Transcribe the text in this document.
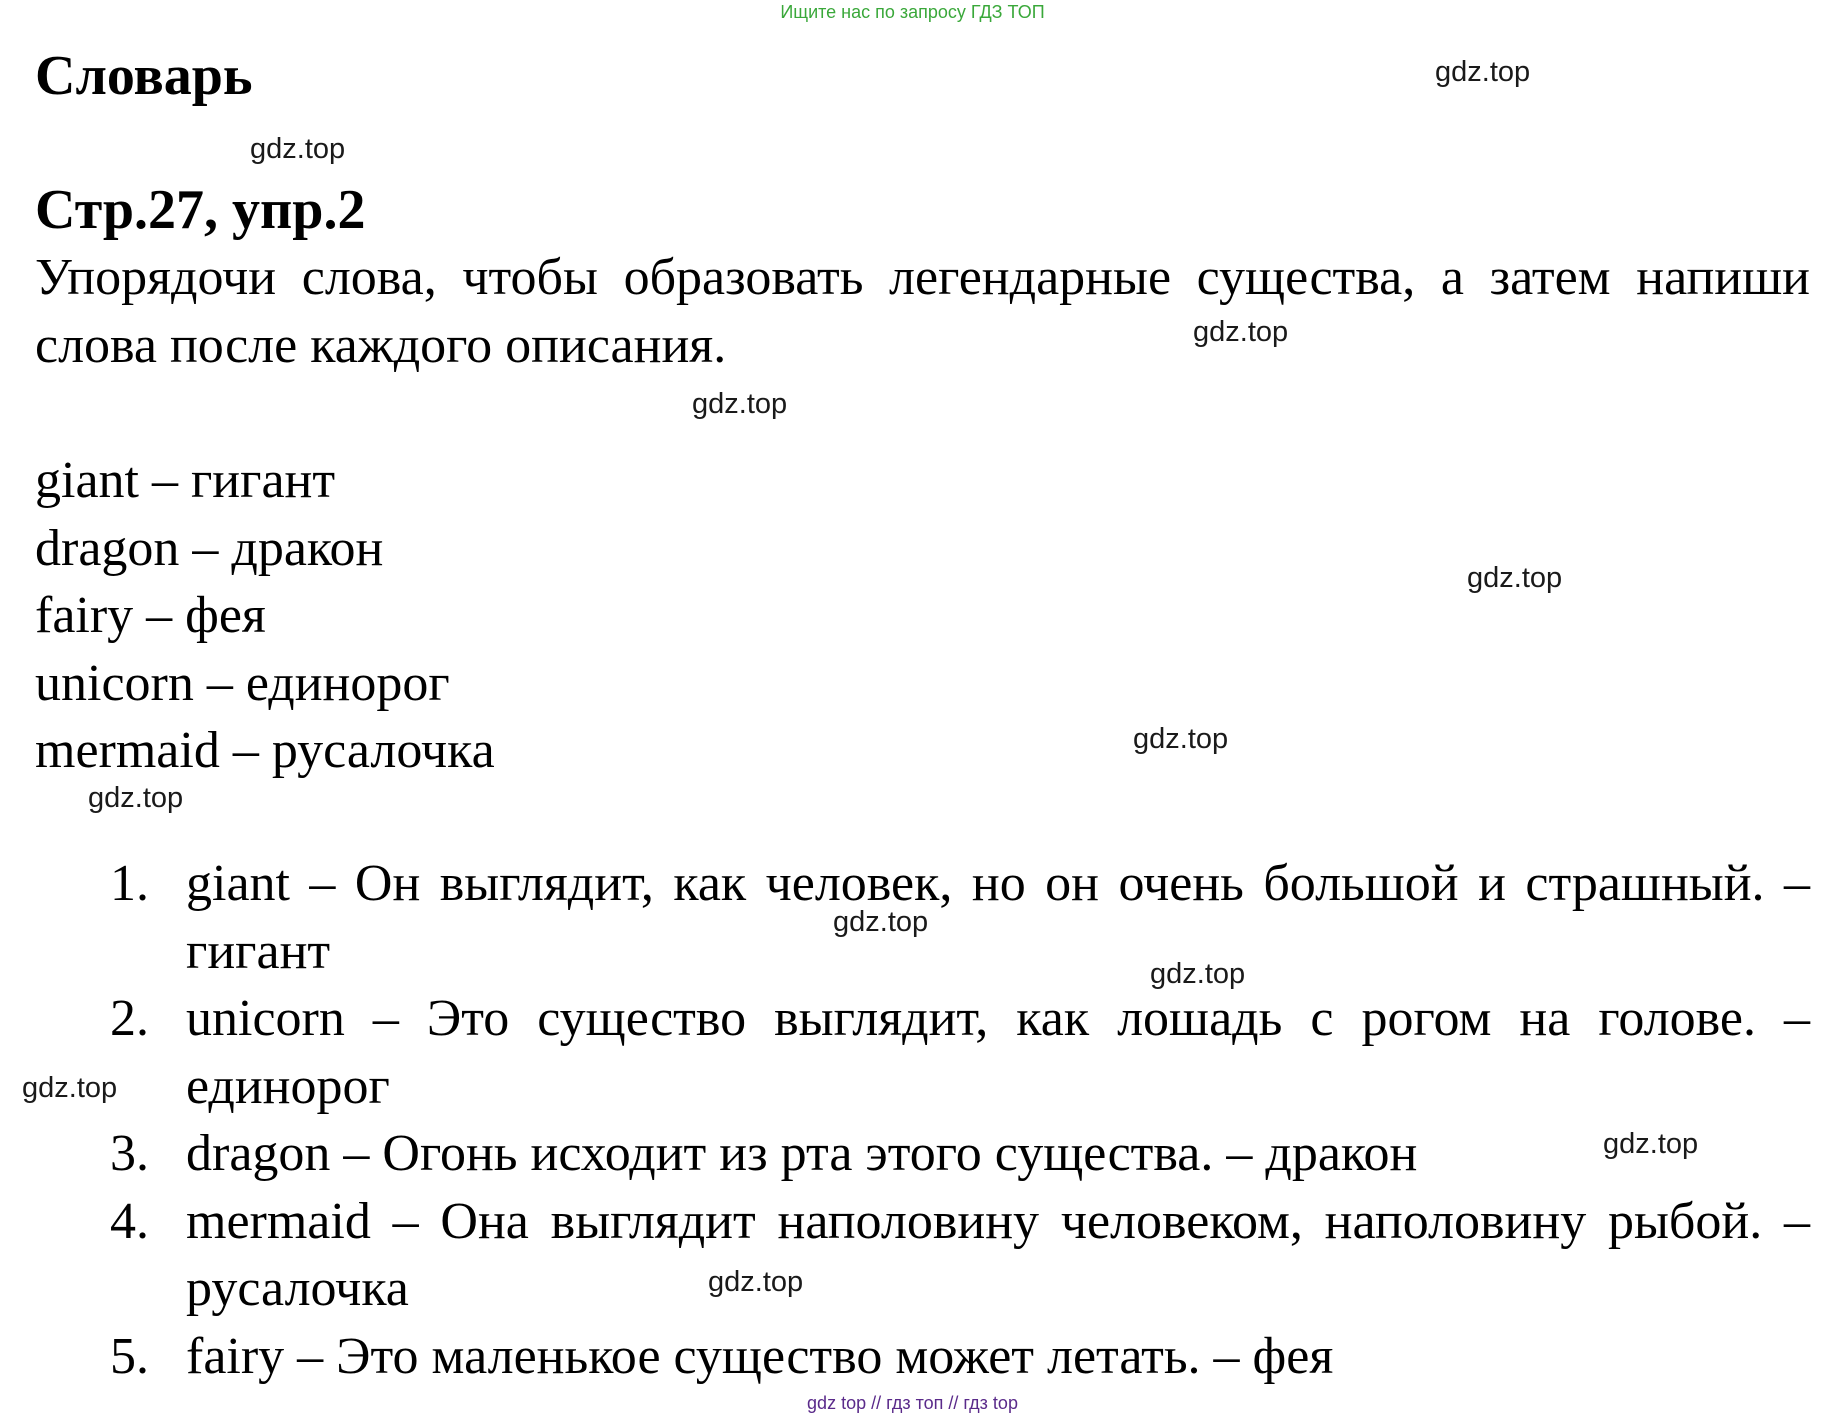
Ищите нас по запросу ГДЗ ТОП
Словарь
Стр.27, упр.2
Упорядочи слова, чтобы образовать легендарные существа, а затем напиши слова после каждого описания.
giant – гигант
dragon – дракон
fairy – фея
unicorn – единорог
mermaid – русалочка
1. giant – Он выглядит, как человек, но он очень большой и страшный. – гигант
2. unicorn – Это существо выглядит, как лошадь с рогом на голове. – единорог
3. dragon – Огонь исходит из рта этого существа. – дракон
4. mermaid – Она выглядит наполовину человеком, наполовину рыбой. – русалочка
5. fairy – Это маленькое существо может летать. – фея
gdz.top
gdz.top
gdz.top
gdz.top
gdz.top
gdz.top
gdz.top
gdz.top
gdz.top
gdz.top
gdz.top
gdz.top
gdz top // гдз топ // гдз top
